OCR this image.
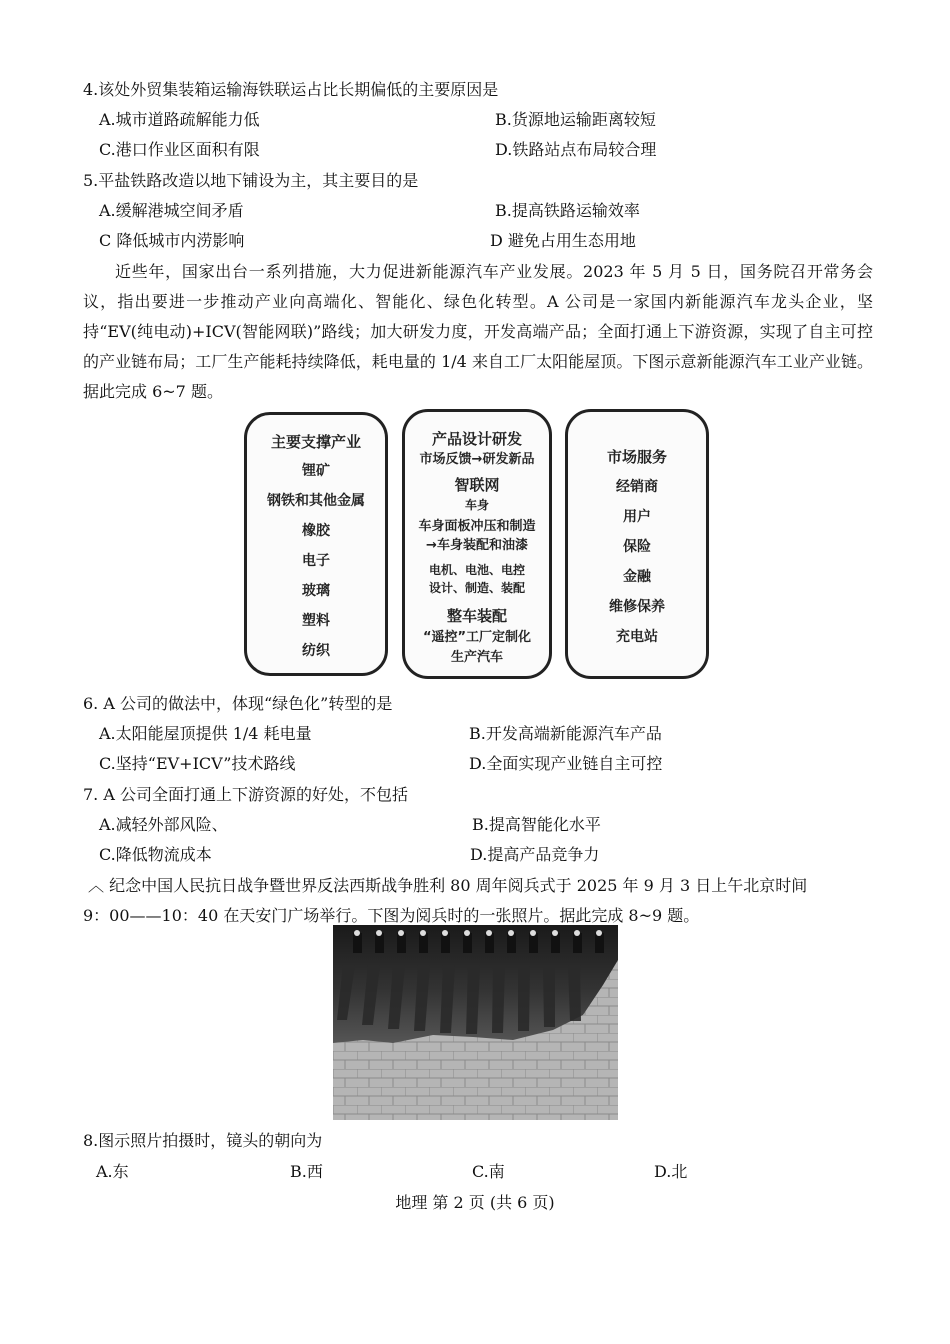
4.该处外贸集装箱运输海铁联运占比长期偏低的主要原因是
A.城市道路疏解能力低	B.货源地运输距离较短
C.港口作业区面积有限	D.铁路站点布局较合理
5.平盐铁路改造以地下铺设为主，其主要目的是
A.缓解港城空间矛盾	B.提高铁路运输效率
C 降低城市内涝影响	D 避免占用生态用地
近些年，国家出台一系列措施，大力促进新能源汽车产业发展。2023 年 5 月 5 日，国务院召开常务会议，指出要进一步推动产业向高端化、智能化、绿色化转型。A 公司是一家国内新能源汽车龙头企业，坚持“EV(纯电动)+ICV(智能网联)”路线；加大研发力度，开发高端产品；全面打通上下游资源，实现了自主可控的产业链布局；工厂生产能耗持续降低，耗电量的 1/4 来自工厂太阳能屋顶。下图示意新能源汽车工业产业链。据此完成 6~7 题。
主要支撑产业
锂矿
钢铁和其他金属
橡胶
电子
玻璃
塑料
纺织
产品设计研发
市场反馈→研发新品
智联网
车身
车身面板冲压和制造
→车身装配和油漆
电机、电池、电控
设计、制造、装配
整车装配
“遥控”工厂定制化
生产汽车
市场服务
经销商
用户
保险
金融
维修保养
充电站
6. A 公司的做法中，体现“绿色化”转型的是
A.太阳能屋顶提供 1/4 耗电量	B.开发高端新能源汽车产品
C.坚持“EV+ICV”技术路线	D.全面实现产业链自主可控
7. A 公司全面打通上下游资源的好处，不包括
A.减轻外部风险、	B.提高智能化水平
C.降低物流成本	D.提高产品竞争力
︿ 纪念中国人民抗日战争暨世界反法西斯战争胜利 80 周年阅兵式于 2025 年 9 月 3 日上午北京时间
9：00——10：40 在天安门广场举行。下图为阅兵时的一张照片。据此完成 8~9 题。
8.图示照片拍摄时，镜头的朝向为
A.东	B.西	C.南	D.北
地理 第 2 页 (共 6 页)
